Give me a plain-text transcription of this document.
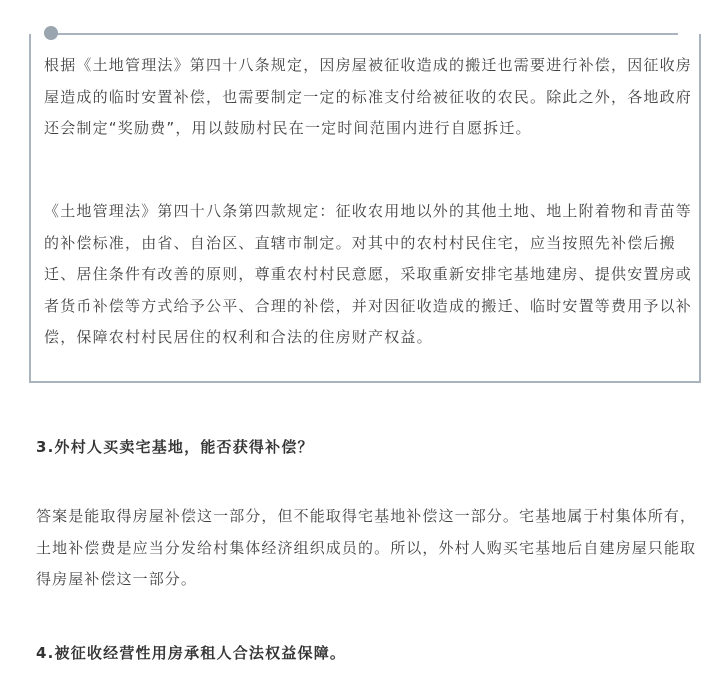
根据《土地管理法》第四十八条规定，因房屋被征收造成的搬迁也需要进行补偿，因征收房屋造成的临时安置补偿，也需要制定一定的标准支付给被征收的农民。除此之外，各地政府还会制定“奖励费”，用以鼓励村民在一定时间范围内进行自愿拆迁。

《土地管理法》第四十八条第四款规定：征收农用地以外的其他土地、地上附着物和青苗等的补偿标准，由省、自治区、直辖市制定。对其中的农村村民住宅，应当按照先补偿后搬迁、居住条件有改善的原则，尊重农村村民意愿，采取重新安排宅基地建房、提供安置房或者货币补偿等方式给予公平、合理的补偿，并对因征收造成的搬迁、临时安置等费用予以补偿，保障农村村民居住的权利和合法的住房财产权益。

3.外村人买卖宅基地，能否获得补偿？

答案是能取得房屋补偿这一部分，但不能取得宅基地补偿这一部分。宅基地属于村集体所有，土地补偿费是应当分发给村集体经济组织成员的。所以，外村人购买宅基地后自建房屋只能取得房屋补偿这一部分。

4.被征收经营性用房承租人合法权益保障。
